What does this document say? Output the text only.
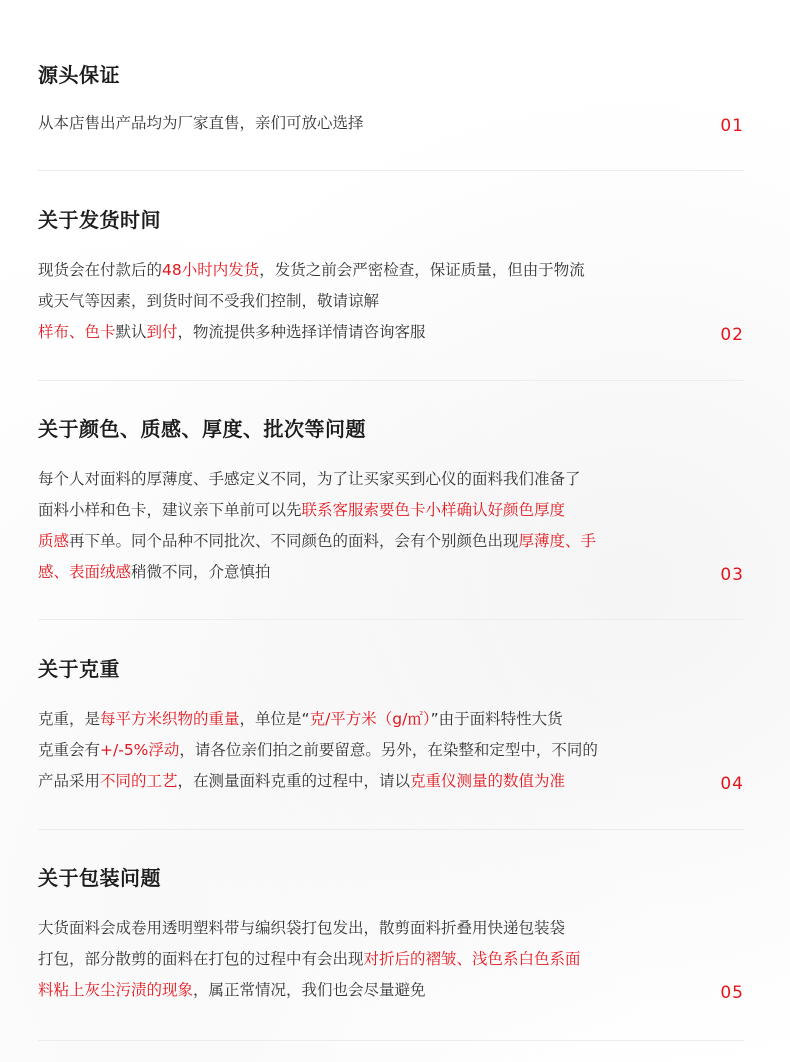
源头保证
从本店售出产品均为厂家直售，亲们可放心选择	01
关于发货时间
现货会在付款后的48小时内发货，发货之前会严密检查，保证质量，但由于物流
或天气等因素，到货时间不受我们控制，敬请谅解
样布、色卡默认到付，物流提供多种选择详情请咨询客服	02
关于颜色、质感、厚度、批次等问题
每个人对面料的厚薄度、手感定义不同，为了让买家买到心仪的面料我们准备了
面料小样和色卡，建议亲下单前可以先联系客服索要色卡小样确认好颜色厚度
质感再下单。同个品种不同批次、不同颜色的面料，会有个别颜色出现厚薄度、手
感、表面绒感稍微不同，介意慎拍	03
关于克重
克重，是每平方米织物的重量，单位是“克/平方米（g/㎡）”由于面料特性大货
克重会有+/-5%浮动，请各位亲们拍之前要留意。另外，在染整和定型中，不同的
产品采用不同的工艺，在测量面料克重的过程中，请以克重仪测量的数值为准	04
关于包装问题
大货面料会成卷用透明塑料带与编织袋打包发出，散剪面料折叠用快递包装袋
打包，部分散剪的面料在打包的过程中有会出现对折后的褶皱、浅色系白色系面
料粘上灰尘污渍的现象，属正常情况，我们也会尽量避免	05
